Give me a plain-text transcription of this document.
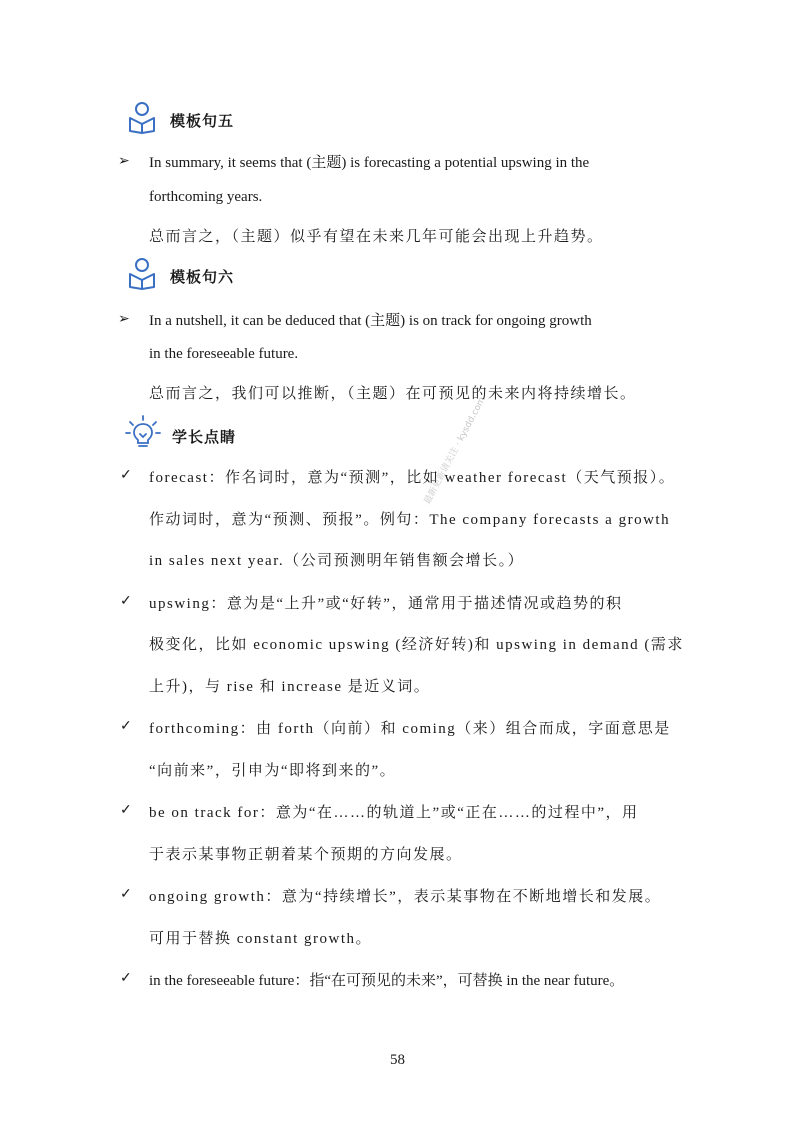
模板句五
➢ In summary, it seems that (主题) is forecasting a potential upswing in the
forthcoming years.
总而言之，（主题）似乎有望在未来几年可能会出现上升趋势。
模板句六
➢ In a nutshell, it can be deduced that (主题) is on track for ongoing growth
in the foreseeable future.
总而言之，我们可以推断，（主题）在可预见的未来内将持续增长。
学长点睛
✓ forecast：作名词时，意为“预测”，比如 weather forecast（天气预报）。
作动词时，意为“预测、预报”。例句：The company forecasts a growth
in sales next year.（公司预测明年销售额会增长。）
✓ upswing：意为是“上升”或“好转”，通常用于描述情况或趋势的积
极变化，比如 economic upswing (经济好转)和 upswing in demand (需求
上升)，与 rise 和 increase 是近义词。
✓ forthcoming：由 forth（向前）和 coming（来）组合而成，字面意思是
“向前来”，引申为“即将到来的”。
✓ be on track for：意为“在……的轨道上”或“正在……的过程中”，用
于表示某事物正朝着某个预期的方向发展。
✓ ongoing growth：意为“持续增长”，表示某事物在不断地增长和发展。
可用于替换 constant growth。
✓ in the foreseeable future：指“在可预见的未来”，可替换 in the near future。
最新更新请关注 · kysdd.com
58
